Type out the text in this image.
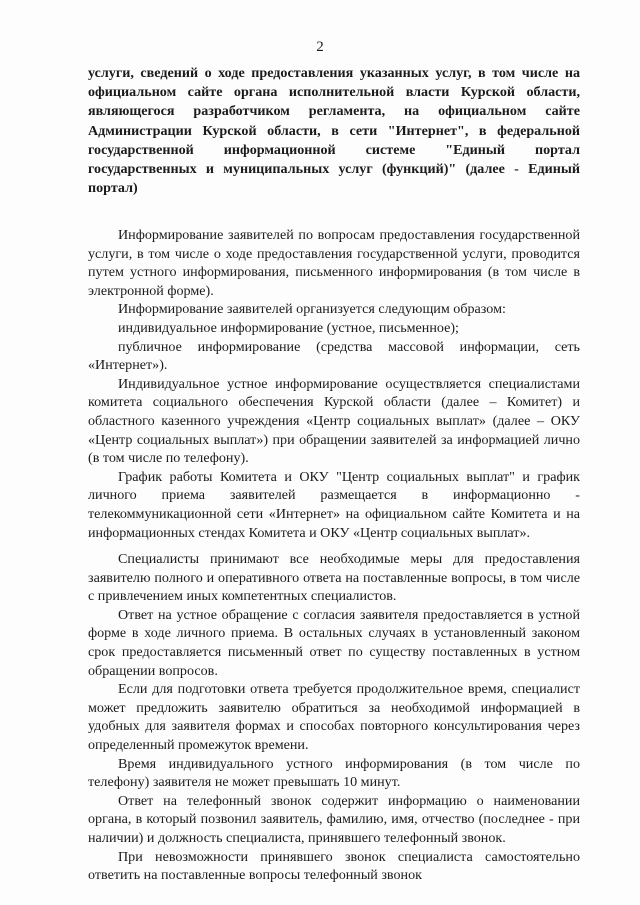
2

услуги, сведений о ходе предоставления указанных услуг, в том числе на официальном сайте органа исполнительной власти Курской области, являющегося разработчиком регламента, на официальном сайте Администрации Курской области, в сети "Интернет", в федеральной государственной информационной системе "Единый портал государственных и муниципальных услуг (функций)" (далее - Единый портал)

Информирование заявителей по вопросам предоставления государственной услуги, в том числе о ходе предоставления государственной услуги, проводится путем устного информирования, письменного информирования (в том числе в электронной форме).

Информирование заявителей организуется следующим образом:

индивидуальное информирование (устное, письменное);

публичное информирование (средства массовой информации, сеть «Интернет»).

Индивидуальное устное информирование осуществляется специалистами комитета социального обеспечения Курской области (далее – Комитет) и областного казенного учреждения «Центр социальных выплат» (далее – ОКУ «Центр социальных выплат») при обращении заявителей за информацией лично (в том числе по телефону).

График работы Комитета и ОКУ "Центр социальных выплат" и график личного приема заявителей размещается в информационно - телекоммуникационной сети «Интернет» на официальном сайте Комитета и на информационных стендах Комитета и ОКУ «Центр социальных выплат».

Специалисты принимают все необходимые меры для предоставления заявителю полного и оперативного ответа на поставленные вопросы, в том числе с привлечением иных компетентных специалистов.

Ответ на устное обращение с согласия заявителя предоставляется в устной форме в ходе личного приема. В остальных случаях в установленный законом срок предоставляется письменный ответ по существу поставленных в устном обращении вопросов.

Если для подготовки ответа требуется продолжительное время, специалист может предложить заявителю обратиться за необходимой информацией в удобных для заявителя формах и способах повторного консультирования через определенный промежуток времени.

Время индивидуального устного информирования (в том числе по телефону) заявителя не может превышать 10 минут.

Ответ на телефонный звонок содержит информацию о наименовании органа, в который позвонил заявитель, фамилию, имя, отчество (последнее - при наличии) и должность специалиста, принявшего телефонный звонок.

При невозможности принявшего звонок специалиста самостоятельно ответить на поставленные вопросы телефонный звонок
